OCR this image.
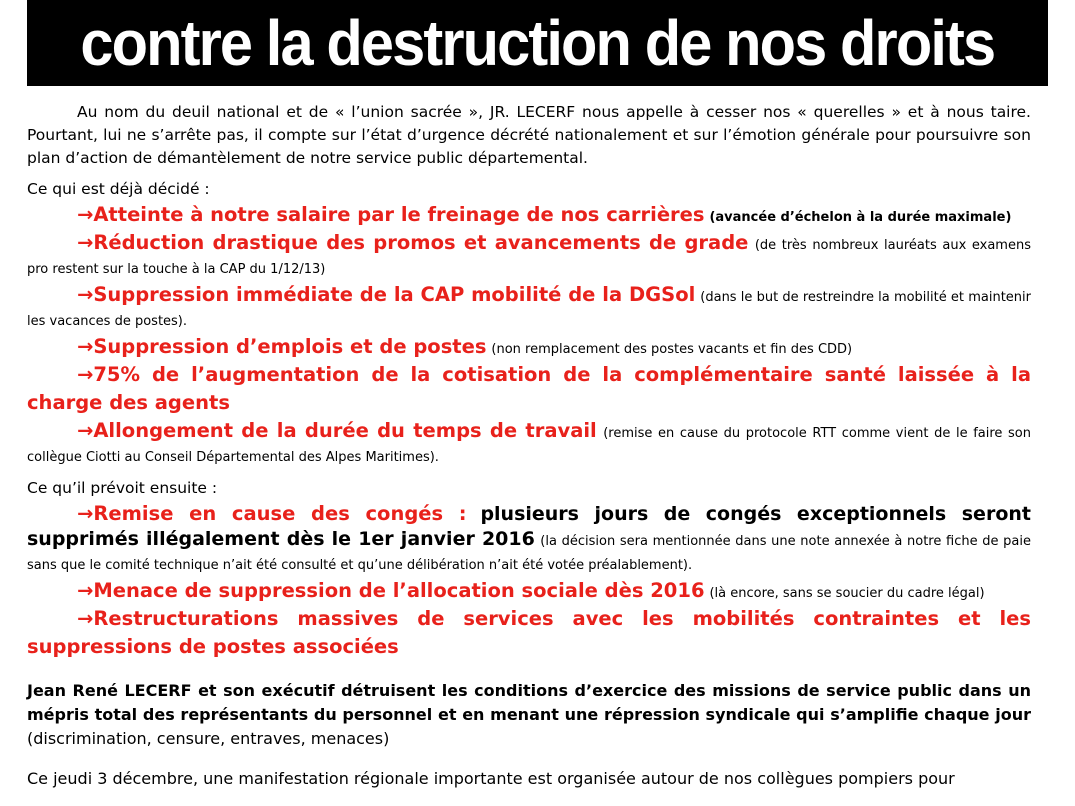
contre la destruction de nos droits

Au nom du deuil national et de « l’union sacrée », JR. LECERF nous appelle à cesser nos « querelles » et à nous taire. Pourtant, lui ne s’arrête pas, il compte sur l’état d’urgence décrété nationalement et sur l’émotion générale pour poursuivre son plan d’action de démantèlement de notre service public départemental.

Ce qui est déjà décidé :

→Atteinte à notre salaire par le freinage de nos carrières (avancée d’échelon à la durée maximale)

→Réduction drastique des promos et avancements de grade (de très nombreux lauréats aux examens pro restent sur la touche à la CAP du 1/12/13)

→Suppression immédiate de la CAP mobilité de la DGSol (dans le but de restreindre la mobilité et maintenir les vacances de postes).

→Suppression d’emplois et de postes (non remplacement des postes vacants et fin des CDD)

→75% de l’augmentation de la cotisation de la complémentaire santé laissée à la charge des agents

→Allongement de la durée du temps de travail (remise en cause du protocole RTT comme vient de le faire son collègue Ciotti au Conseil Départemental des Alpes Maritimes).

Ce qu’il prévoit ensuite :

→Remise en cause des congés : plusieurs jours de congés exceptionnels seront supprimés illégalement dès le 1er janvier 2016 (la décision sera mentionnée dans une note annexée à notre fiche de paie sans que le comité technique n’ait été consulté et qu’une délibération n’ait été votée préalablement).

→Menace de suppression de l’allocation sociale dès 2016 (là encore, sans se soucier du cadre légal)

→Restructurations massives de services avec les mobilités contraintes et les suppressions de postes associées

Jean René LECERF et son exécutif détruisent les conditions d’exercice des missions de service public dans un mépris total des représentants du personnel et en menant une répression syndicale qui s’amplifie chaque jour (discrimination, censure, entraves, menaces)

Ce jeudi 3 décembre, une manifestation régionale importante est organisée autour de nos collègues pompiers pour
